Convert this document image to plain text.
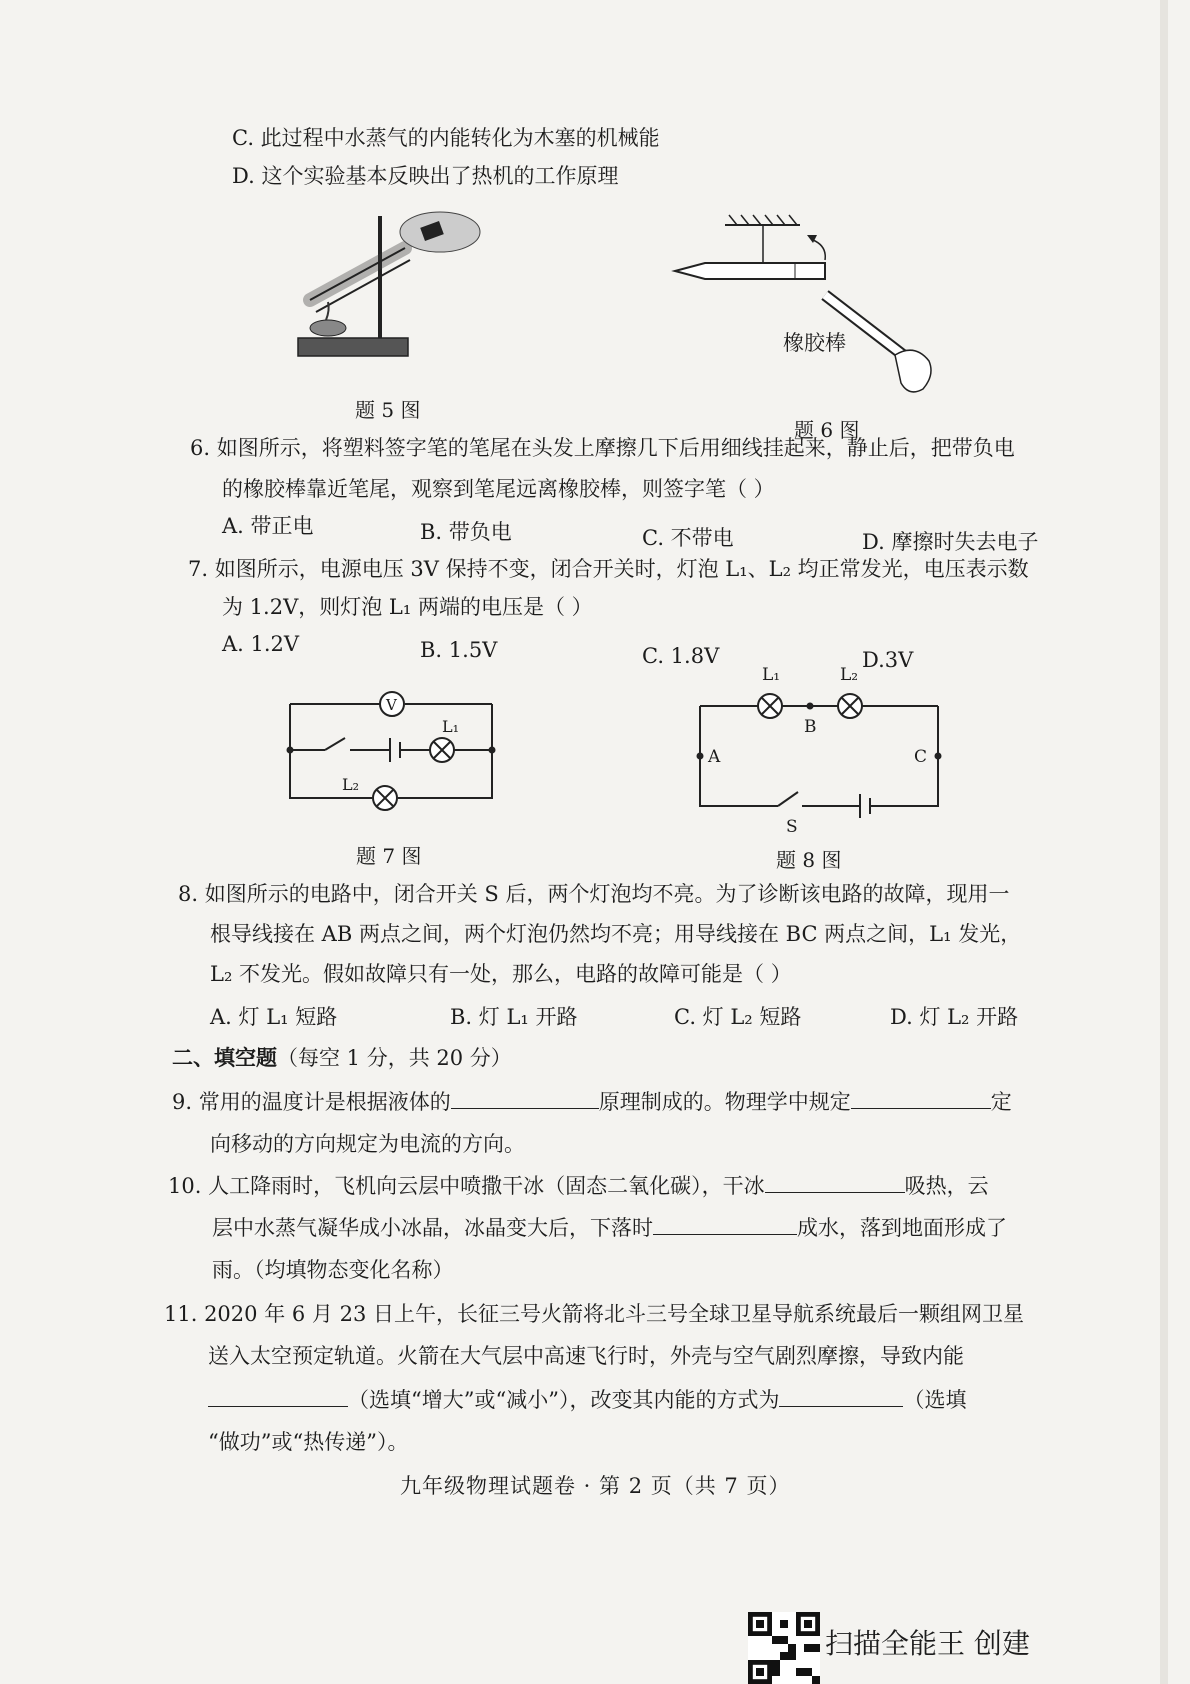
C. 此过程中水蒸气的内能转化为木塞的机械能
D. 这个实验基本反映出了热机的工作原理
题 5 图
橡胶棒
题 6 图
6. 如图所示，将塑料签字笔的笔尾在头发上摩擦几下后用细线挂起来，静止后，把带负电
的橡胶棒靠近笔尾，观察到笔尾远离橡胶棒，则签字笔（ ）
A. 带正电	B. 带负电	C. 不带电	D. 摩擦时失去电子
7. 如图所示，电源电压 3V 保持不变，闭合开关时，灯泡 L₁、L₂ 均正常发光，电压表示数
为 1.2V，则灯泡 L₁ 两端的电压是（ ）
A. 1.2V	B. 1.5V	C. 1.8V	D.3V
V
L₁
L₂
题 7 图
L₁	L₂
B
A	C
S
题 8 图
8. 如图所示的电路中，闭合开关 S 后，两个灯泡均不亮。为了诊断该电路的故障，现用一
根导线接在 AB 两点之间，两个灯泡仍然均不亮；用导线接在 BC 两点之间，L₁ 发光，
L₂ 不发光。假如故障只有一处，那么，电路的故障可能是（ ）
A. 灯 L₁ 短路	B. 灯 L₁ 开路	C. 灯 L₂ 短路	D. 灯 L₂ 开路
二、填空题（每空 1 分，共 20 分）
9. 常用的温度计是根据液体的	原理制成的。物理学中规定	定
向移动的方向规定为电流的方向。
10. 人工降雨时，飞机向云层中喷撒干冰（固态二氧化碳），干冰	吸热，云
层中水蒸气凝华成小冰晶，冰晶变大后，下落时	成水，落到地面形成了
雨。（均填物态变化名称）
11. 2020 年 6 月 23 日上午，长征三号火箭将北斗三号全球卫星导航系统最后一颗组网卫星
送入太空预定轨道。火箭在大气层中高速飞行时，外壳与空气剧烈摩擦，导致内能
（选填“增大”或“减小”），改变其内能的方式为	（选填
“做功”或“热传递”）。
九年级物理试题卷 · 第 2 页（共 7 页）
扫描全能王 创建
